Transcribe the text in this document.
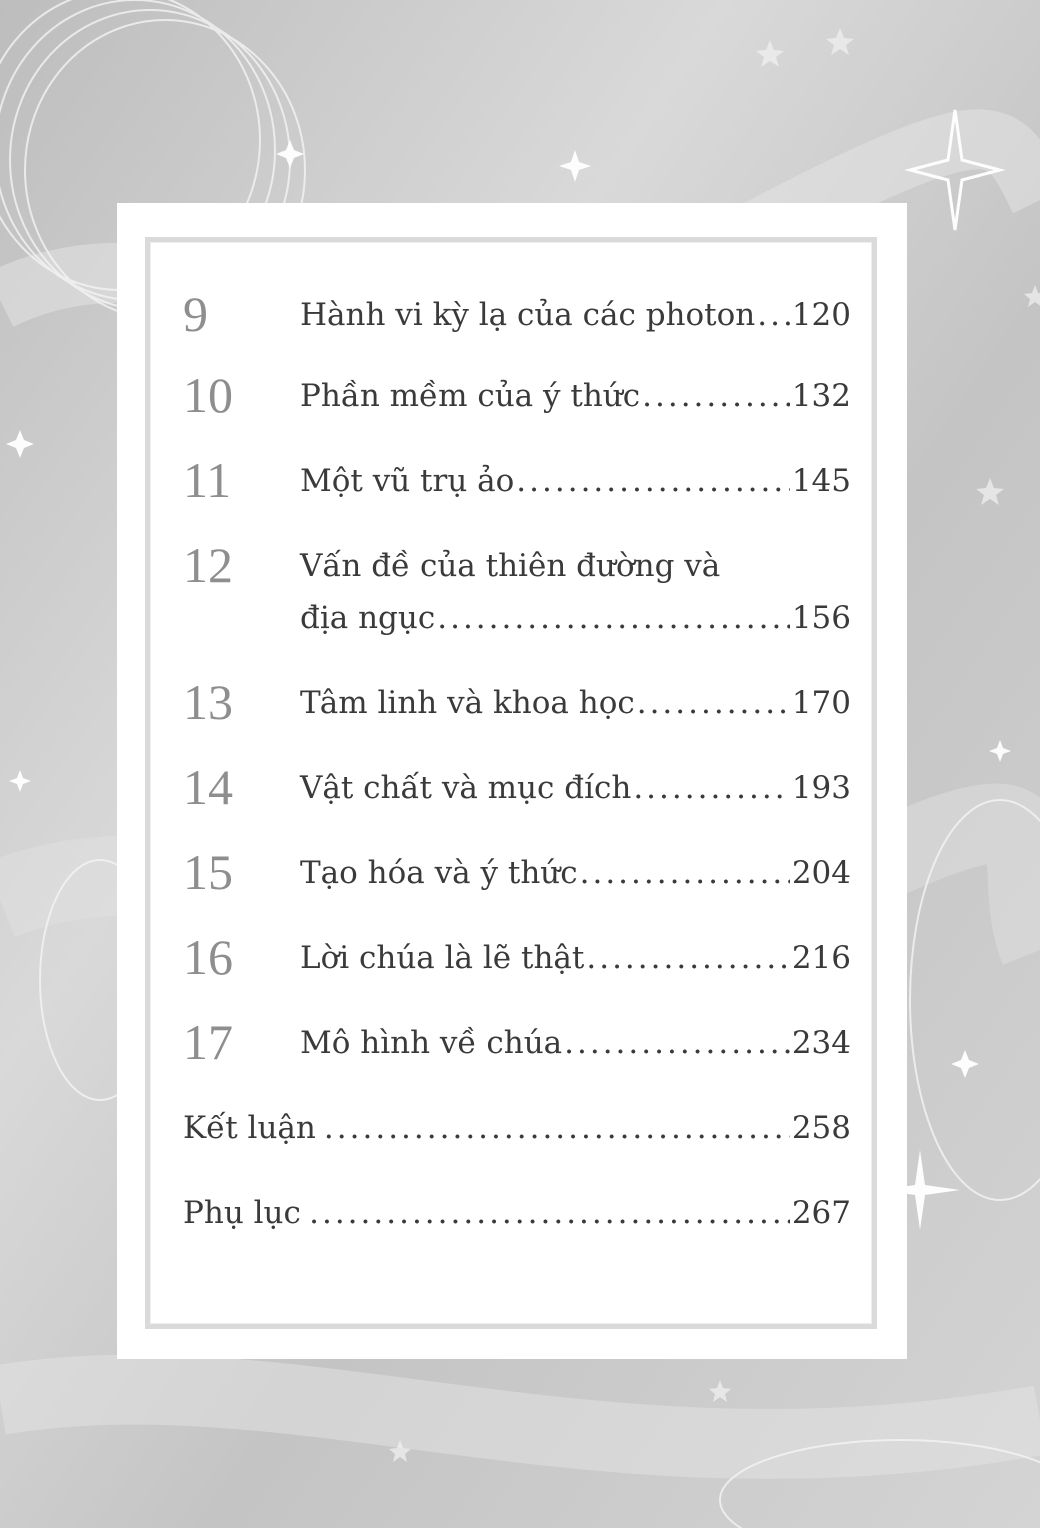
9	Hành vi kỳ lạ của các photon ..... 120
10 Phần mềm của ý thức .....	132
11 Một vũ trụ ảo .....	145
12 Vấn đề của thiên đường và
địa ngục .....	156
13 Tâm linh và khoa học .....	170
14 Vật chất và mục đích .....	193
15 Tạo hóa và ý thức .....	204
16 Lời chúa là lẽ thật .....	216
17 Mô hình về chúa .....	234
Kết luận .....	258
Phụ lục .....	267
